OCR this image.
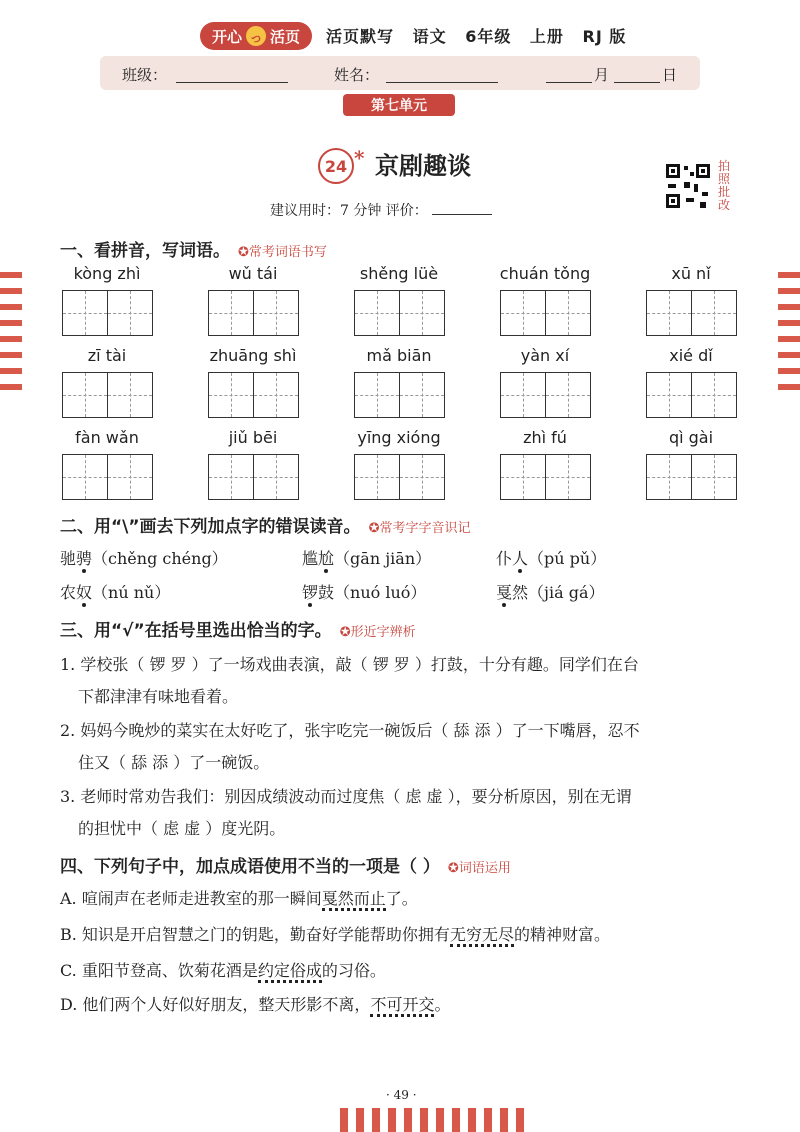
开心 っ 活页 活页默写 语文 6年级 上册 RJ 版
班级：	姓名：	月	日
第七单元
24 * 京剧趣谈
建议用时：7 分钟 评价：
拍照批改
一、看拼音，写词语。 ✪常考词语书写
kòng zhì	wǔ tái	shěng lüè	chuán tǒng	xū nǐ
zī tài	zhuāng shì	mǎ biān	yàn xí	xié dǐ
fàn wǎn	jiǔ bēi	yīng xióng	zhì fú	qì gài
二、用“\”画去下列加点字的错误读音。 ✪常考字字音识记
驰骋（chěng chéng）	尴尬（gān jiān）	仆人（pú pǔ）
农奴（nú nǔ）	锣鼓（nuó luó）	戛然（jiá gá）
三、用“√”在括号里选出恰当的字。 ✪形近字辨析
1. 学校张（ 锣 罗 ）了一场戏曲表演，敲（ 锣 罗 ）打鼓，十分有趣。同学们在台
下都津津有味地看着。
2. 妈妈今晚炒的菜实在太好吃了，张宇吃完一碗饭后（ 舔 添 ）了一下嘴唇，忍不
住又（ 舔 添 ）了一碗饭。
3. 老师时常劝告我们：别因成绩波动而过度焦（ 虑 虚 ），要分析原因，别在无谓
的担忧中（ 虑 虚 ）度光阴。
四、下列句子中，加点成语使用不当的一项是（ ） ✪词语运用
A. 喧闹声在老师走进教室的那一瞬间戛然而止了。
B. 知识是开启智慧之门的钥匙，勤奋好学能帮助你拥有无穷无尽的精神财富。
C. 重阳节登高、饮菊花酒是约定俗成的习俗。
D. 他们两个人好似好朋友，整天形影不离，不可开交。
· 49 ·
